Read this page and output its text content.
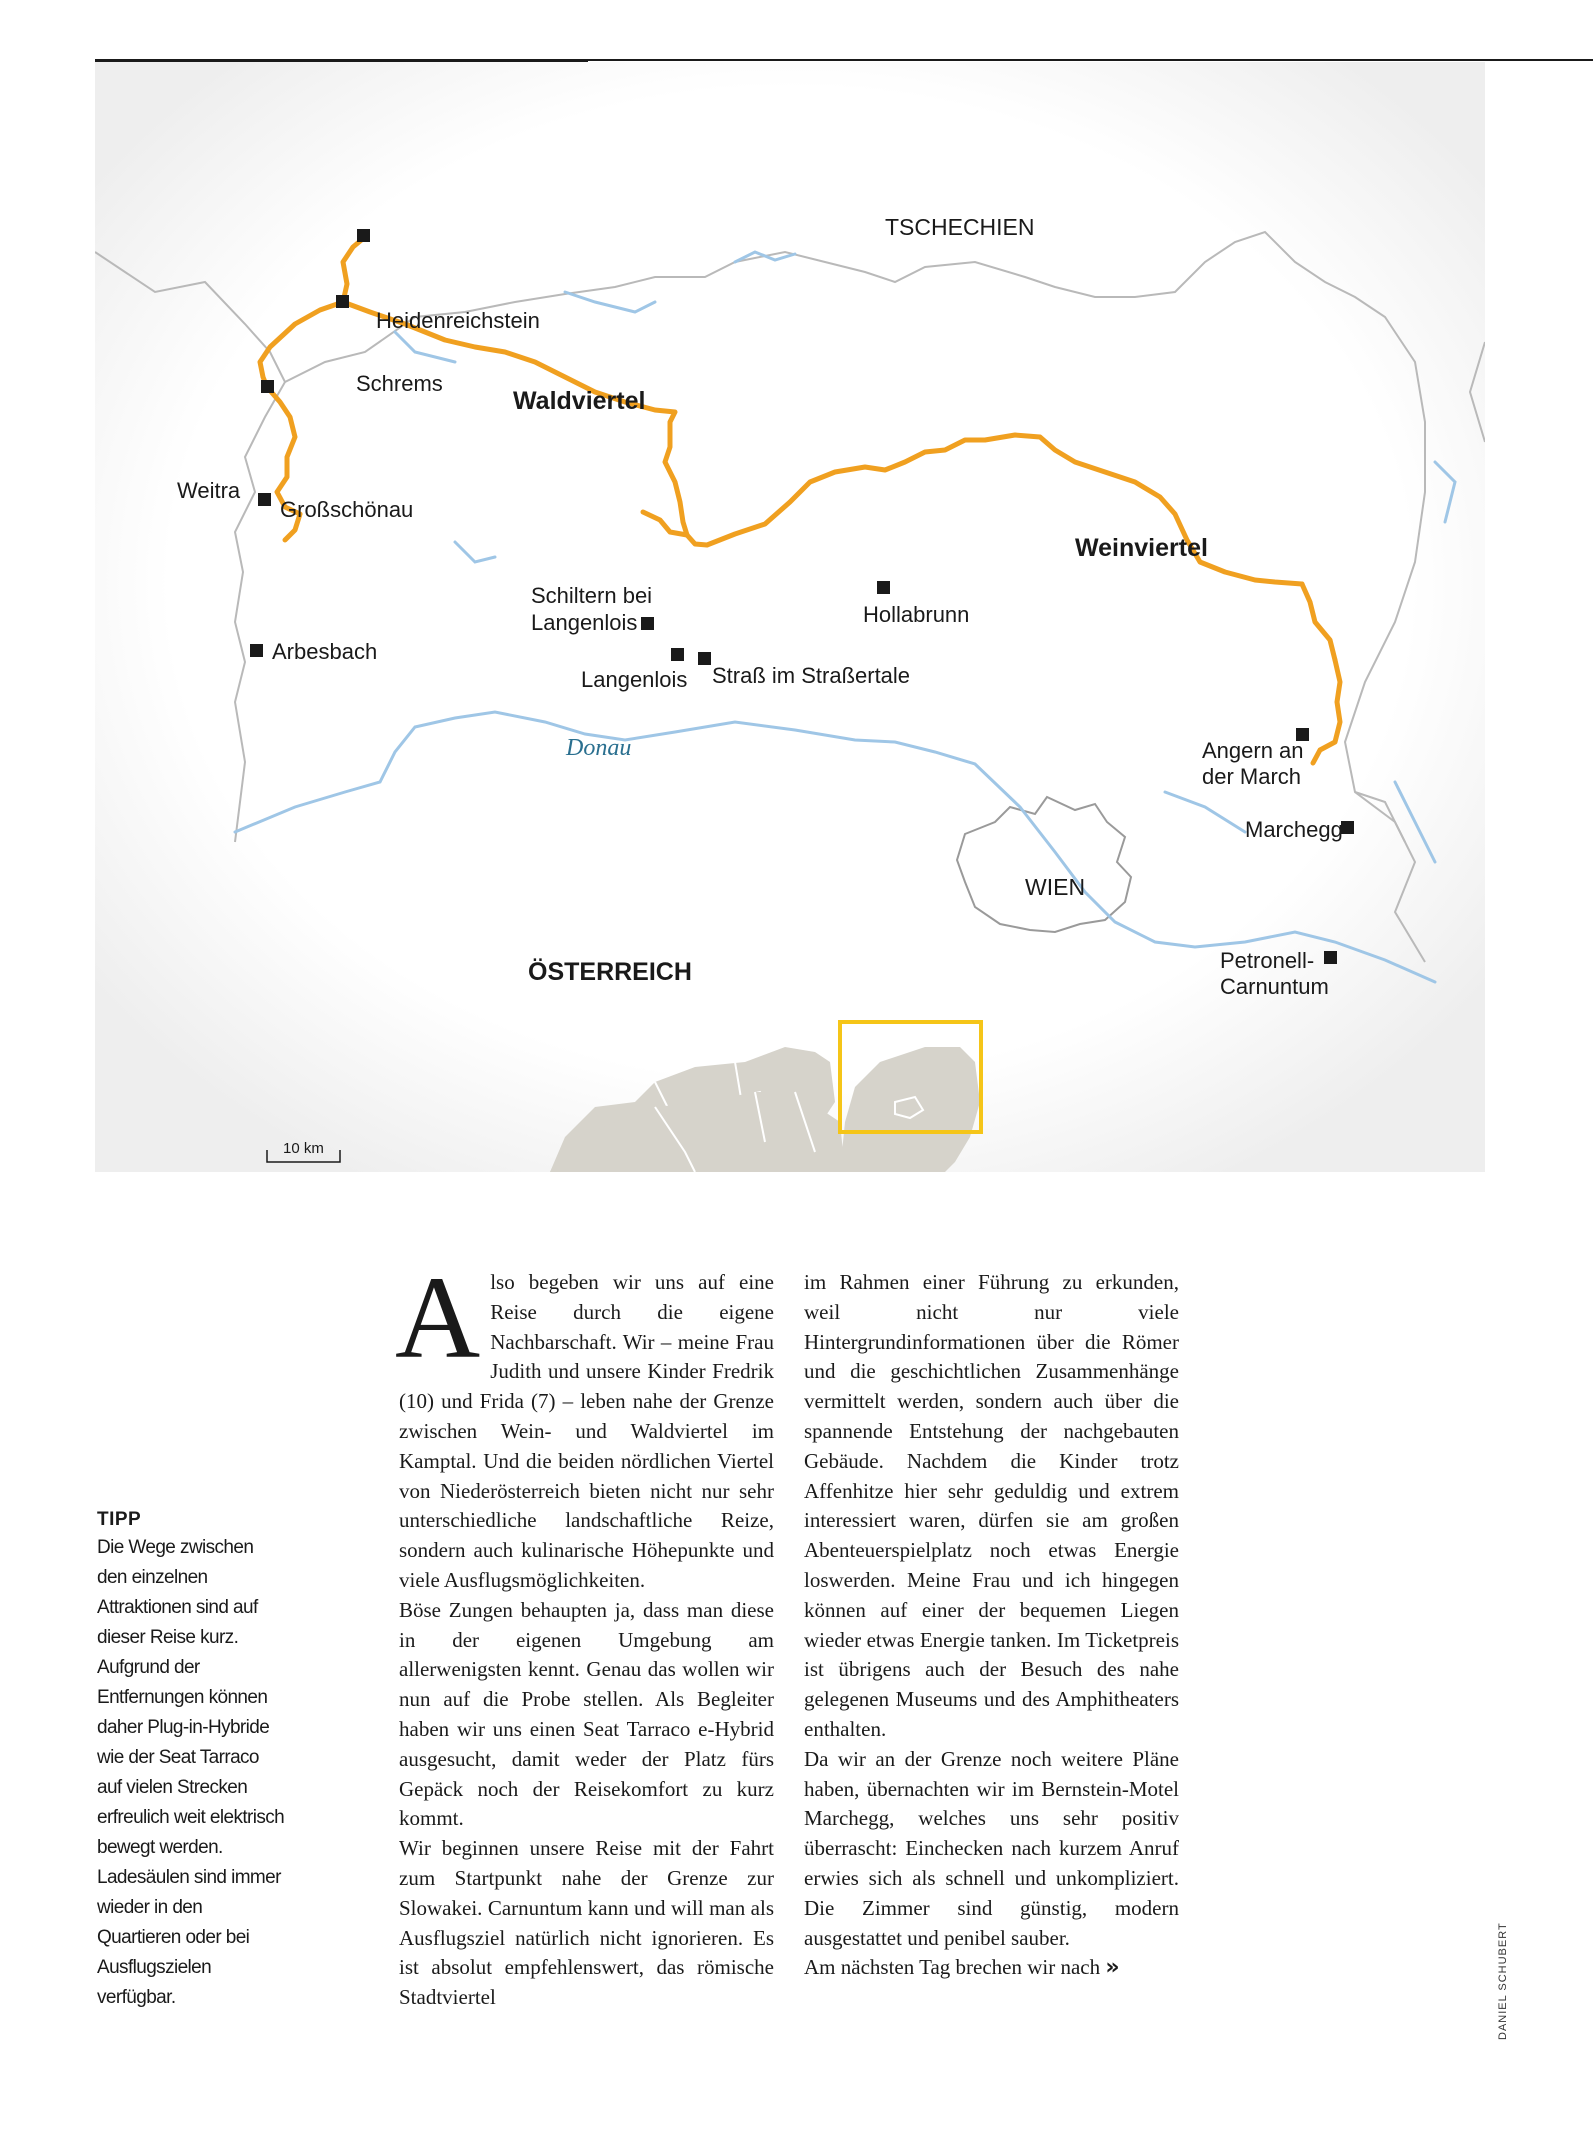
TSCHECHIEN
ÖSTERREICH
Waldviertel
Weinviertel
Donau
WIEN
Heidenreichstein
Schrems
Weitra
Großschönau
Arbesbach
Schiltern bei
Langenlois
Langenlois Straß im Straßertale
Hollabrunn
Angern an
der March
Marchegg
Petronell-
Carnuntum
10 km
TIPP
Die Wege zwischen den einzelnen Attraktionen sind auf dieser Reise kurz. Aufgrund der Entfernungen können daher Plug-in-Hybride wie der Seat Tarraco auf vielen Strecken erfreulich weit elektrisch bewegt werden. Ladesäulen sind immer wieder in den Quartieren oder bei Ausflugszielen verfügbar.

Also begeben wir uns auf eine Reise durch die eigene Nachbarschaft. Wir – meine Frau Judith und unsere Kinder Fredrik (10) und Frida (7) – leben nahe der Grenze zwischen Wein- und Waldviertel im Kamptal. Und die beiden nördlichen Viertel von Niederösterreich bieten nicht nur sehr unterschiedliche landschaftliche Reize, sondern auch kulinarische Höhepunkte und viele Ausflugsmöglichkeiten.

Böse Zungen behaupten ja, dass man diese in der eigenen Umgebung am allerwenigsten kennt. Genau das wollen wir nun auf die Probe stellen. Als Begleiter haben wir uns einen Seat Tarraco e-Hybrid ausgesucht, damit weder der Platz fürs Gepäck noch der Reisekomfort zu kurz kommt.

Wir beginnen unsere Reise mit der Fahrt zum Startpunkt nahe der Grenze zur Slowakei. Carnuntum kann und will man als Ausflugsziel natürlich nicht ignorieren. Es ist absolut empfehlenswert, das römische Stadtviertel

im Rahmen einer Führung zu erkunden, weil nicht nur viele Hintergrundinformationen über die Römer und die geschichtlichen Zusammenhänge vermittelt werden, sondern auch über die spannende Entstehung der nachgebauten Gebäude. Nachdem die Kinder trotz Affenhitze hier sehr geduldig und extrem interessiert waren, dürfen sie am großen Abenteuerspielplatz noch etwas Energie loswerden. Meine Frau und ich hingegen können auf einer der bequemen Liegen wieder etwas Energie tanken. Im Ticketpreis ist übrigens auch der Besuch des nahe gelegenen Museums und des Amphitheaters enthalten.

Da wir an der Grenze noch weitere Pläne haben, übernachten wir im Bernstein-Motel Marchegg, welches uns sehr positiv überrascht: Einchecken nach kurzem Anruf erwies sich als schnell und unkompliziert. Die Zimmer sind günstig, modern ausgestattet und penibel sauber.

Am nächsten Tag brechen wir nach »	DANIEL SCHUBERT
